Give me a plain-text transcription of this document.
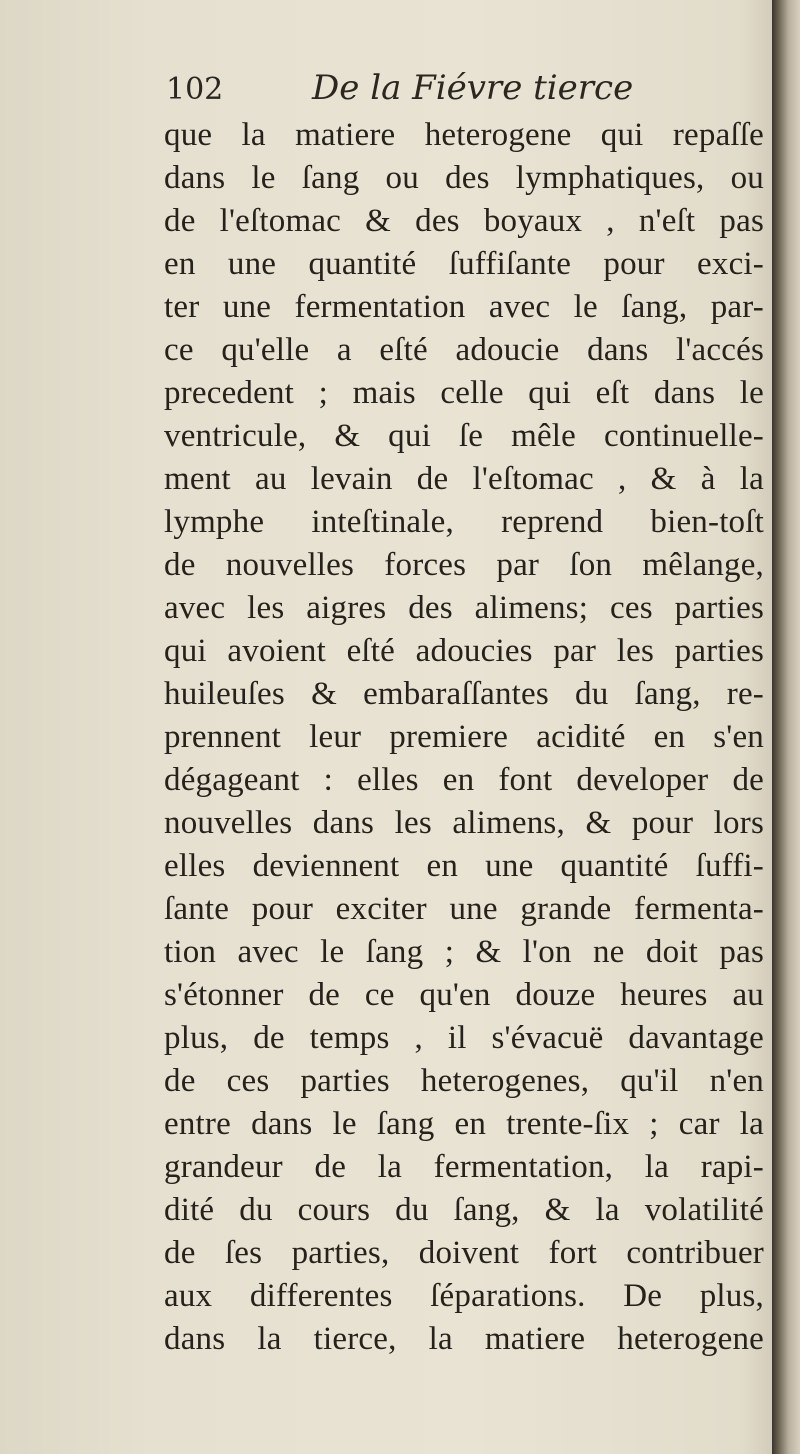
102	De la Fiévre tierce
que la matiere heterogene qui repaſſe
dans le ſang ou des lymphatiques, ou
de l'eſtomac & des boyaux , n'eſt pas
en une quantité ſuffiſante pour exci-
ter une fermentation avec le ſang, par-
ce qu'elle a eſté adoucie dans l'accés
precedent ; mais celle qui eſt dans le
ventricule, & qui ſe mêle continuelle-
ment au levain de l'eſtomac , & à la
lymphe inteſtinale, reprend bien-toſt
de nouvelles forces par ſon mêlange,
avec les aigres des alimens; ces parties
qui avoient eſté adoucies par les parties
huileuſes & embaraſſantes du ſang, re-
prennent leur premiere acidité en s'en
dégageant : elles en font developer de
nouvelles dans les alimens, & pour lors
elles deviennent en une quantité ſuffi-
ſante pour exciter une grande fermenta-
tion avec le ſang ; & l'on ne doit pas
s'étonner de ce qu'en douze heures au
plus, de temps , il s'évacuë davantage
de ces parties heterogenes, qu'il n'en
entre dans le ſang en trente-ſix ; car la
grandeur de la fermentation, la rapi-
dité du cours du ſang, & la volatilité
de ſes parties, doivent fort contribuer
aux differentes ſéparations. De plus,
dans la tierce, la matiere heterogene
